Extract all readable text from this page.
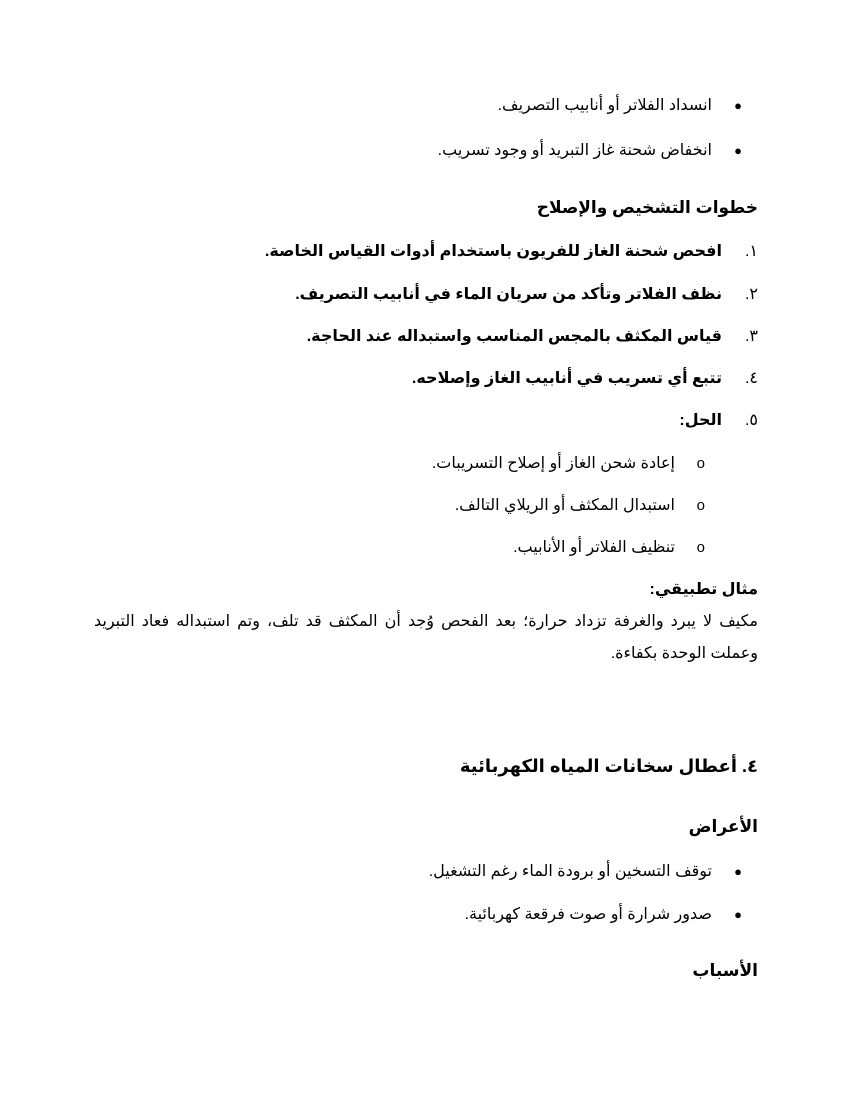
●انسداد الفلاتر أو أنابيب التصريف.
●انخفاض شحنة غاز التبريد أو وجود تسريب.
خطوات التشخيص والإصلاح
١.افحص شحنة الغاز للفريون باستخدام أدوات القياس الخاصة.
٢.نظف الفلاتر وتأكد من سريان الماء في أنابيب التصريف.
٣.قياس المكثف بالمجس المناسب واستبداله عند الحاجة.
٤.تتبع أي تسريب في أنابيب الغاز وإصلاحه.
٥.الحل:
oإعادة شحن الغاز أو إصلاح التسريبات.
oاستبدال المكثف أو الريلاي التالف.
oتنظيف الفلاتر أو الأنابيب.
مثال تطبيقي:
مكيف لا يبرد والغرفة تزداد حرارة؛ بعد الفحص وُجد أن المكثف قد تلف، وتم استبداله فعاد التبريد وعملت الوحدة بكفاءة.
٤. أعطال سخانات المياه الكهربائية
الأعراض
●توقف التسخين أو برودة الماء رغم التشغيل.
●صدور شرارة أو صوت فرقعة كهربائية.
الأسباب
